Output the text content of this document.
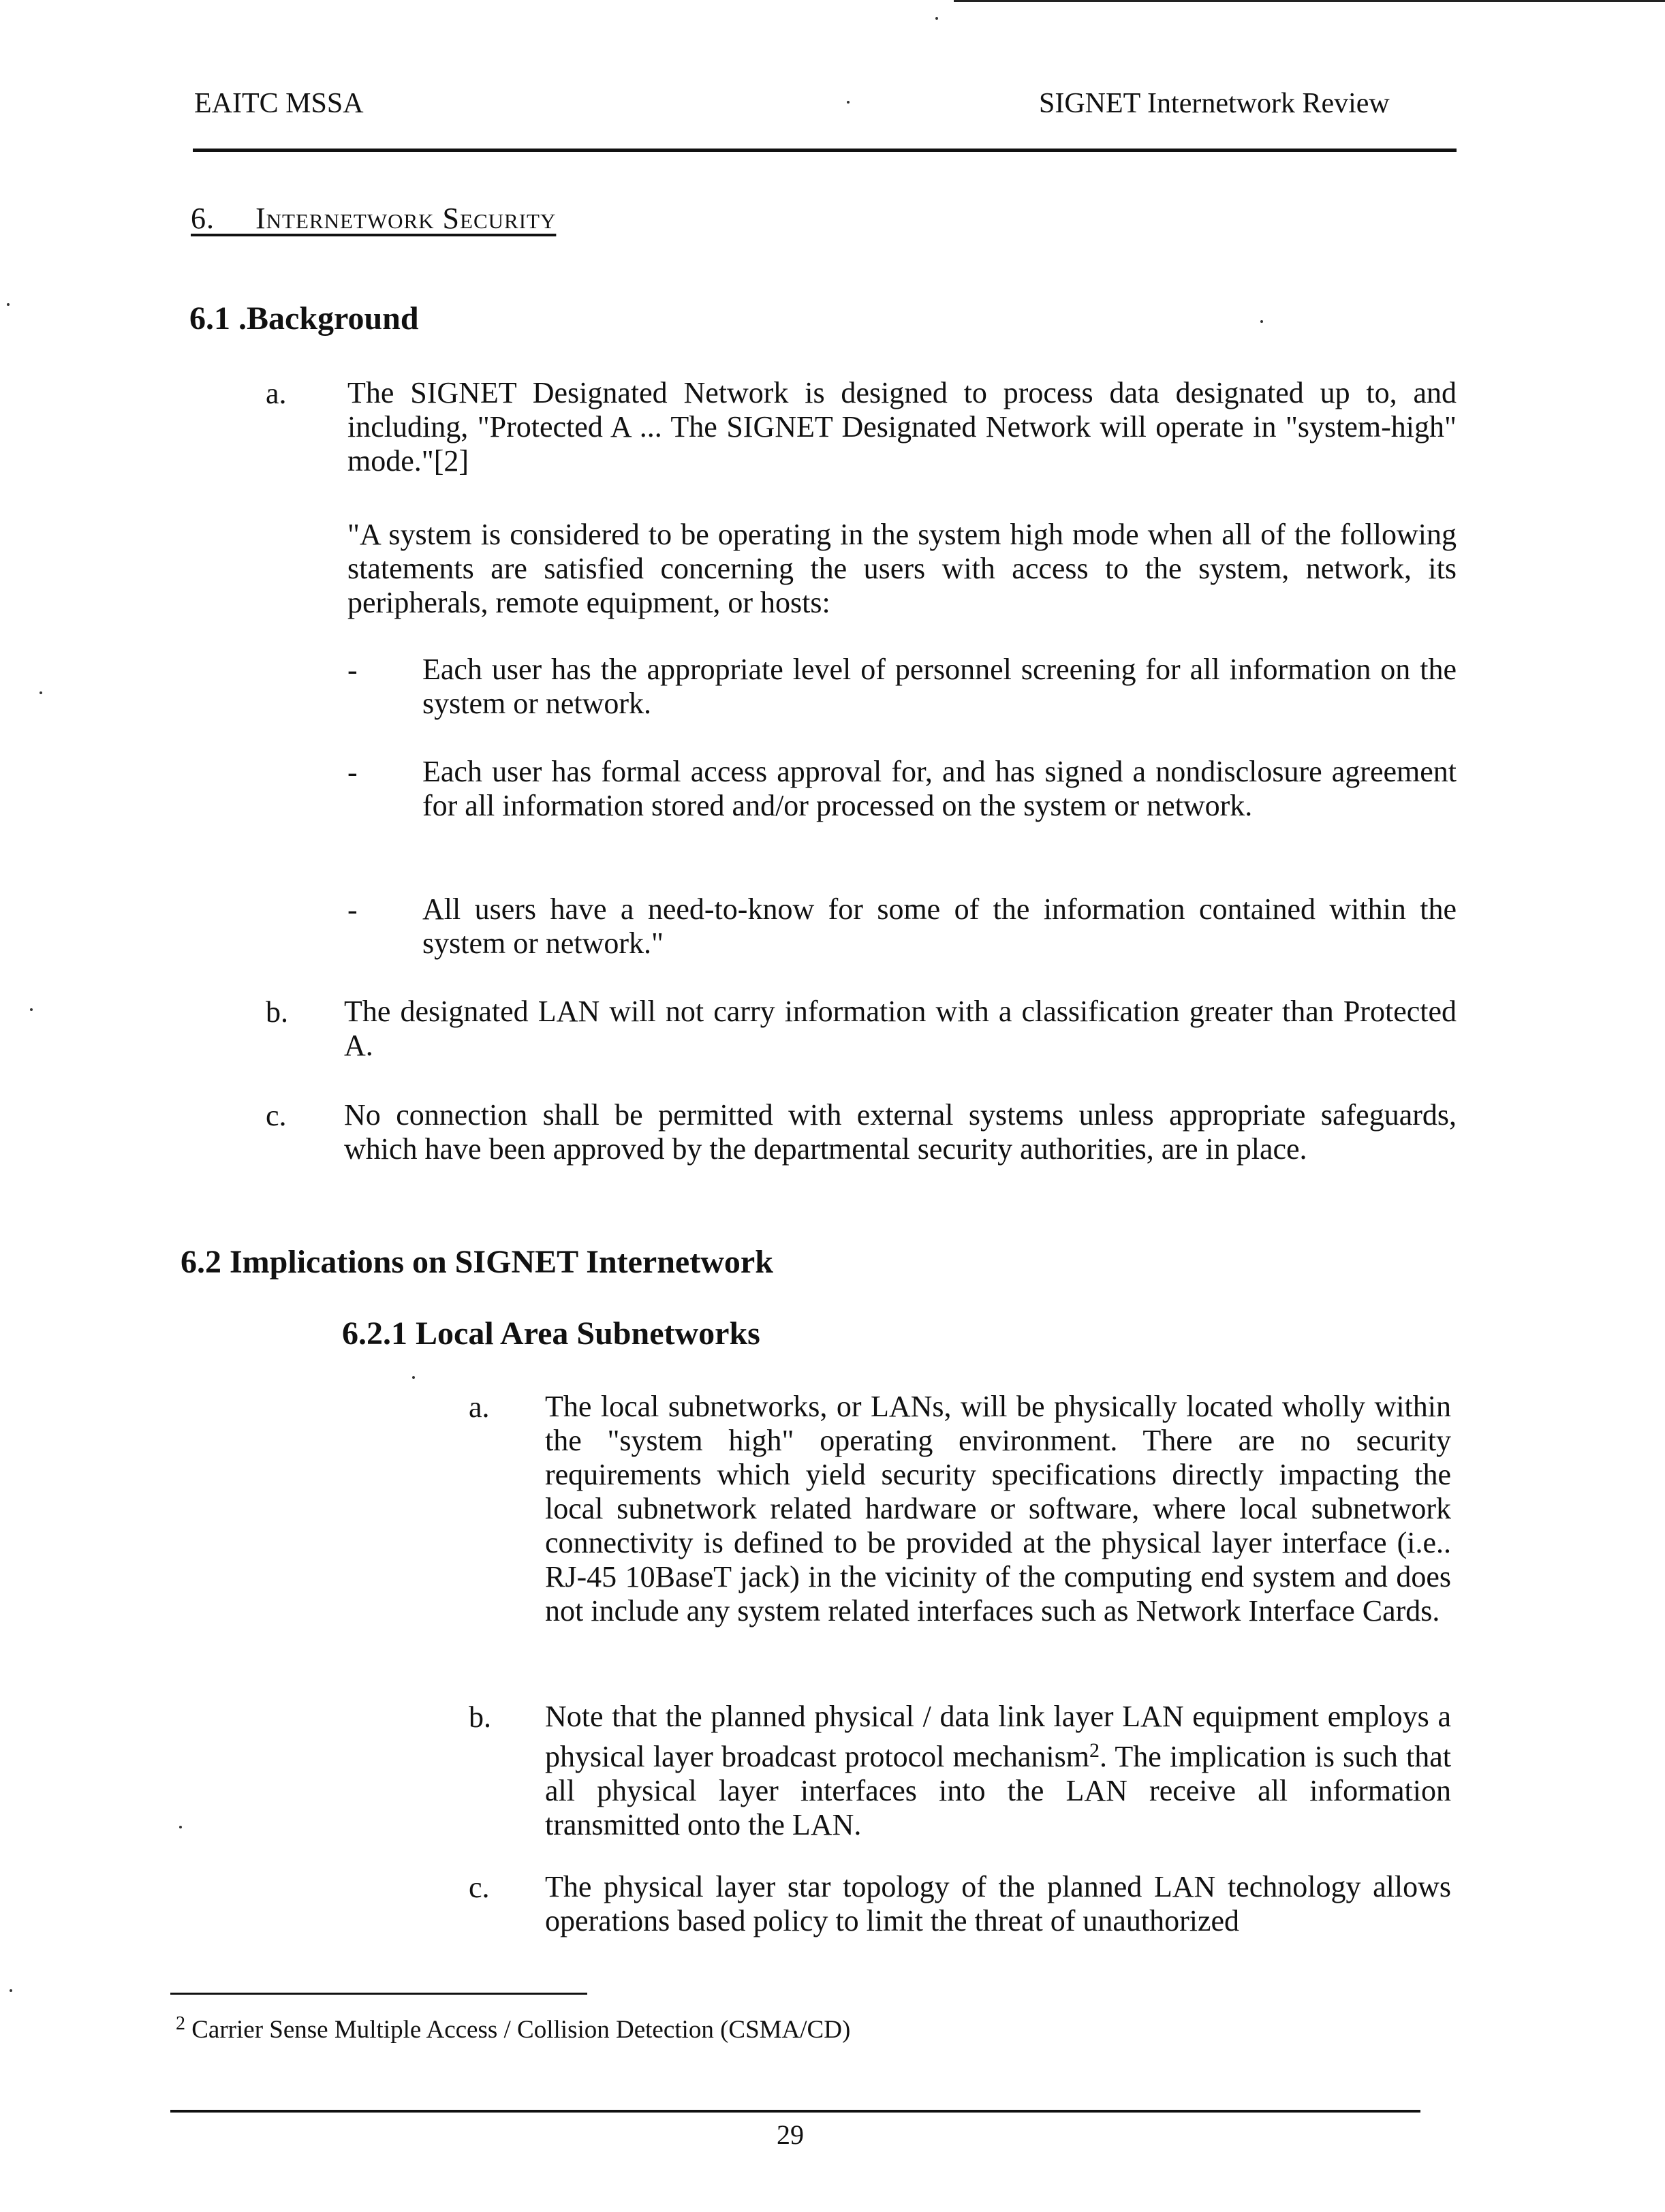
EAITC MSSA	SIGNET Internetwork Review
6. Internetwork Security
6.1 .Background
a. The SIGNET Designated Network is designed to process data designated up to, and including, "Protected A ... The SIGNET Designated Network will operate in "system-high" mode."[2]
"A system is considered to be operating in the system high mode when all of the following statements are satisfied concerning the users with access to the system, network, its peripherals, remote equipment, or hosts:
- Each user has the appropriate level of personnel screening for all information on the system or network.
- Each user has formal access approval for, and has signed a nondisclosure agreement for all information stored and/or processed on the system or network.
- All users have a need-to-know for some of the information contained within the system or network."
b. The designated LAN will not carry information with a classification greater than Protected A.
c. No connection shall be permitted with external systems unless appropriate safeguards, which have been approved by the departmental security authorities, are in place.
6.2 Implications on SIGNET Internetwork
6.2.1 Local Area Subnetworks
a. The local subnetworks, or LANs, will be physically located wholly within the "system high" operating environment. There are no security requirements which yield security specifications directly impacting the local subnetwork related hardware or software, where local subnetwork connectivity is defined to be provided at the physical layer interface (i.e.. RJ-45 10BaseT jack) in the vicinity of the computing end system and does not include any system related interfaces such as Network Interface Cards.
b. Note that the planned physical / data link layer LAN equipment employs a physical layer broadcast protocol mechanism$^2$. The implication is such that all physical layer interfaces into the LAN receive all information transmitted onto the LAN.
c. The physical layer star topology of the planned LAN technology allows operations based policy to limit the threat of unauthorized
$^2$ Carrier Sense Multiple Access / Collision Detection (CSMA/CD)
29
